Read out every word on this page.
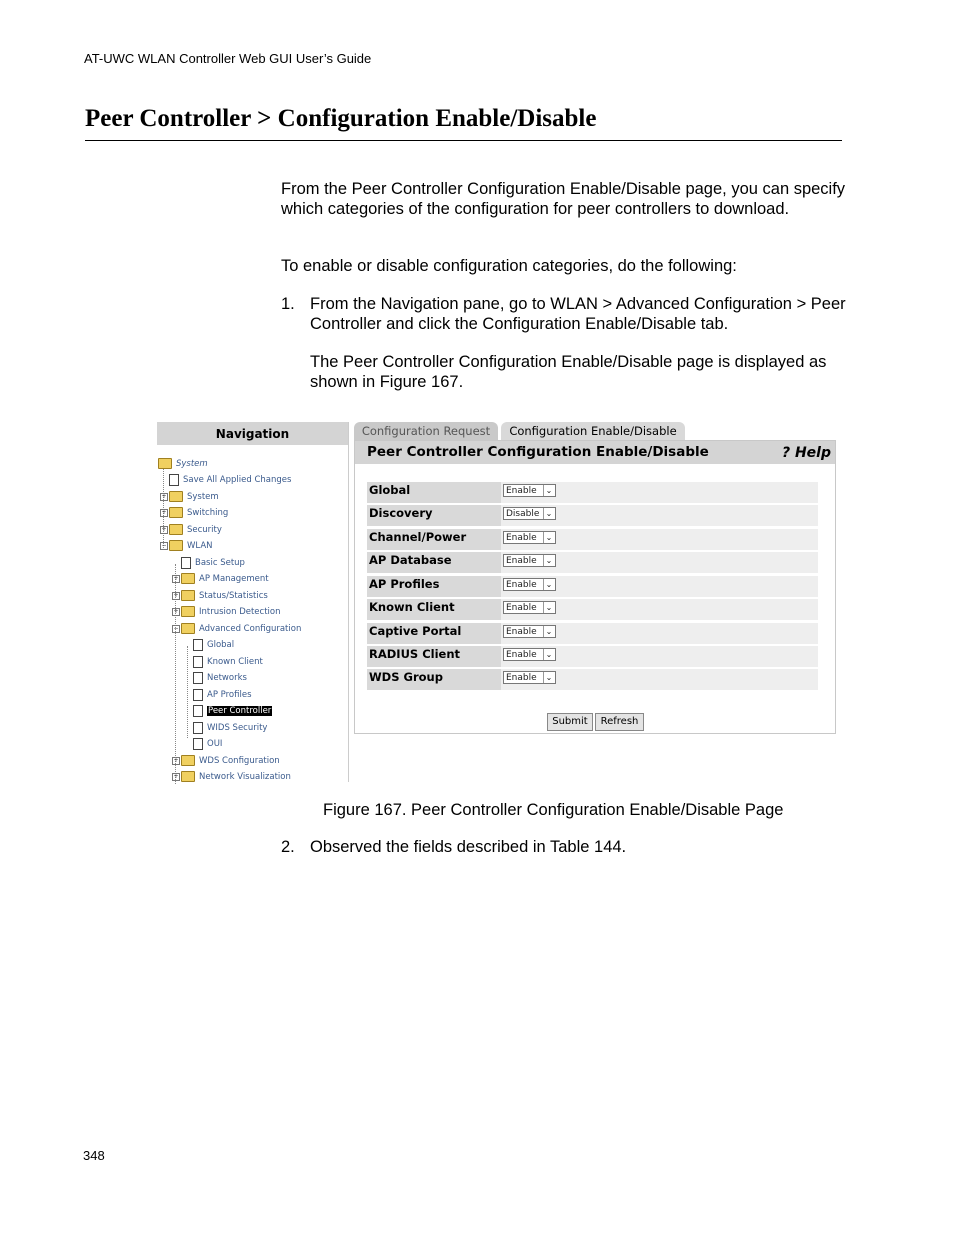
AT-UWC WLAN Controller Web GUI User’s Guide
Peer Controller > Configuration Enable/Disable

From the Peer Controller Configuration Enable/Disable page, you can specify which categories of the configuration for peer controllers to download.

To enable or disable configuration categories, do the following:

1. From the Navigation pane, go to WLAN > Advanced Configuration > Peer Controller and click the Configuration Enable/Disable tab.

The Peer Controller Configuration Enable/Disable page is displayed as shown in Figure 167.

Navigation
System
Save All Applied Changes
+ System
+ Switching
+ Security
− WLAN
Basic Setup
+ AP Management
+ Status/Statistics
+ Intrusion Detection
− Advanced Configuration
Global
Known Client
Networks
AP Profiles
Peer Controller
WIDS Security
OUI
+ WDS Configuration
+ Network Visualization
Configuration Request	Configuration Enable/Disable
Peer Controller Configuration Enable/Disable	? Help
Global	Enable	⌄
Discovery	Disable ⌄
Channel/Power	Enable	⌄
AP Database	Enable	⌄
AP Profiles	Enable	⌄
Known Client	Enable	⌄
Captive Portal	Enable	⌄
RADIUS Client	Enable	⌄
WDS Group	Enable	⌄
Submit	Refresh
Figure 167. Peer Controller Configuration Enable/Disable Page
2. Observed the fields described in Table 144.
348
